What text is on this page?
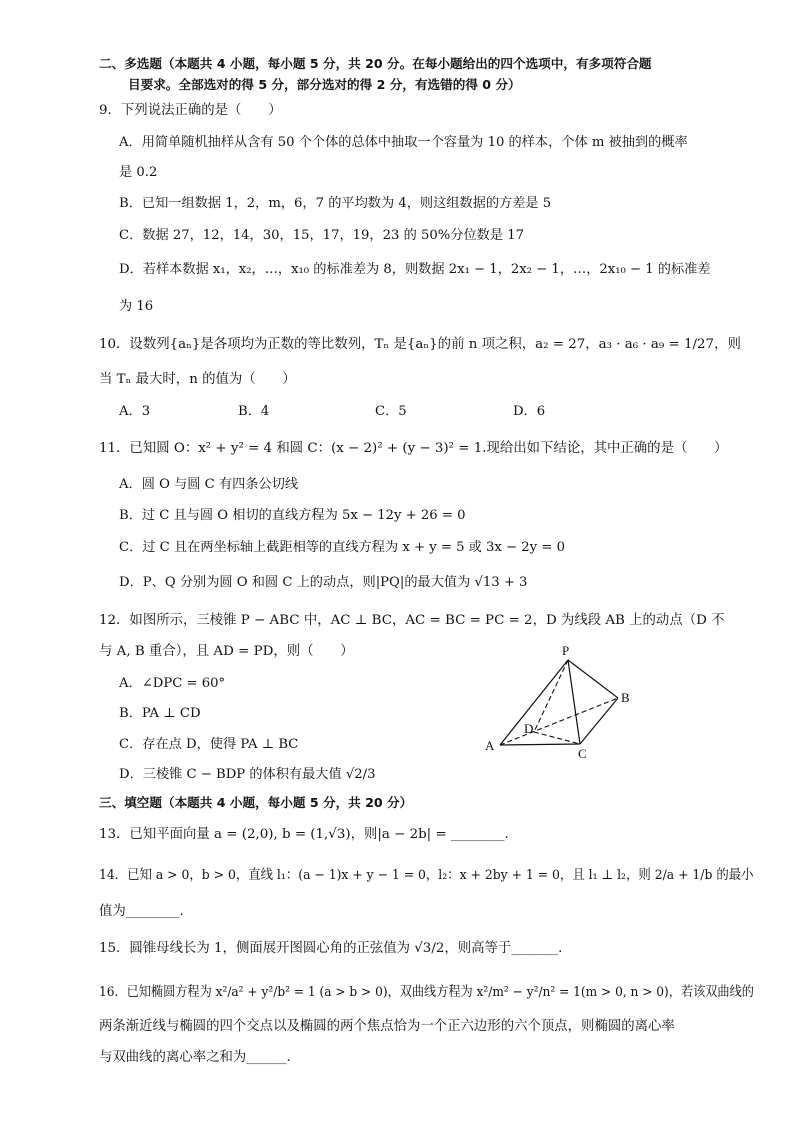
二、多选题（本题共 4 小题，每小题 5 分，共 20 分。在每小题给出的四个选项中，有多项符合题
目要求。全部选对的得 5 分，部分选对的得 2 分，有选错的得 0 分）
9．下列说法正确的是（　　）
A．用简单随机抽样从含有 50 个个体的总体中抽取一个容量为 10 的样本，个体 m 被抽到的概率
是 0.2
B．已知一组数据 1，2，m，6，7 的平均数为 4，则这组数据的方差是 5
C．数据 27，12，14，30，15，17，19，23 的 50%分位数是 17
D．若样本数据 x₁，x₂，…，x₁₀ 的标准差为 8，则数据 2x₁ − 1，2x₂ − 1，…，2x₁₀ − 1 的标准差
为 16
10．设数列{aₙ}是各项均为正数的等比数列，Tₙ 是{aₙ}的前 n 项之积，a₂ = 27，a₃ · a₆ · a₉ = 1/27，则
当 Tₙ 最大时，n 的值为（　　）
A．3	B．4	C．5	D．6
11．已知圆 O：x² + y² = 4 和圆 C：(x − 2)² + (y − 3)² = 1.现给出如下结论，其中正确的是（　　）
A．圆 O 与圆 C 有四条公切线
B．过 C 且与圆 O 相切的直线方程为 5x − 12y + 26 = 0
C．过 C 且在两坐标轴上截距相等的直线方程为 x + y = 5 或 3x − 2y = 0
D．P、Q 分别为圆 O 和圆 C 上的动点，则|PQ|的最大值为 √13 + 3
12．如图所示，三棱锥 P − ABC 中，AC ⊥ BC，AC = BC = PC = 2，D 为线段 AB 上的动点（D 不
与 A, B 重合），且 AD = PD，则（　　）
A．∠DPC = 60°
B．PA ⊥ CD
C．存在点 D，使得 PA ⊥ BC
D．三棱锥 C − BDP 的体积有最大值 √2/3
P
A
B
C
D
三、填空题（本题共 4 小题，每小题 5 分，共 20 分）
13．已知平面向量 a = (2,0), b = (1,√3)，则|a − 2b| = ________.
14．已知 a > 0，b > 0，直线 l₁：(a − 1)x + y − 1 = 0，l₂：x + 2by + 1 = 0，且 l₁ ⊥ l₂，则 2/a + 1/b 的最小
值为________.
15．圆锥母线长为 1，侧面展开图圆心角的正弦值为 √3/2，则高等于_______.
16．已知椭圆方程为 x²/a² + y²/b² = 1 (a > b > 0)，双曲线方程为 x²/m² − y²/n² = 1(m > 0, n > 0)，若该双曲线的
两条渐近线与椭圆的四个交点以及椭圆的两个焦点恰为一个正六边形的六个顶点，则椭圆的离心率
与双曲线的离心率之和为______.
